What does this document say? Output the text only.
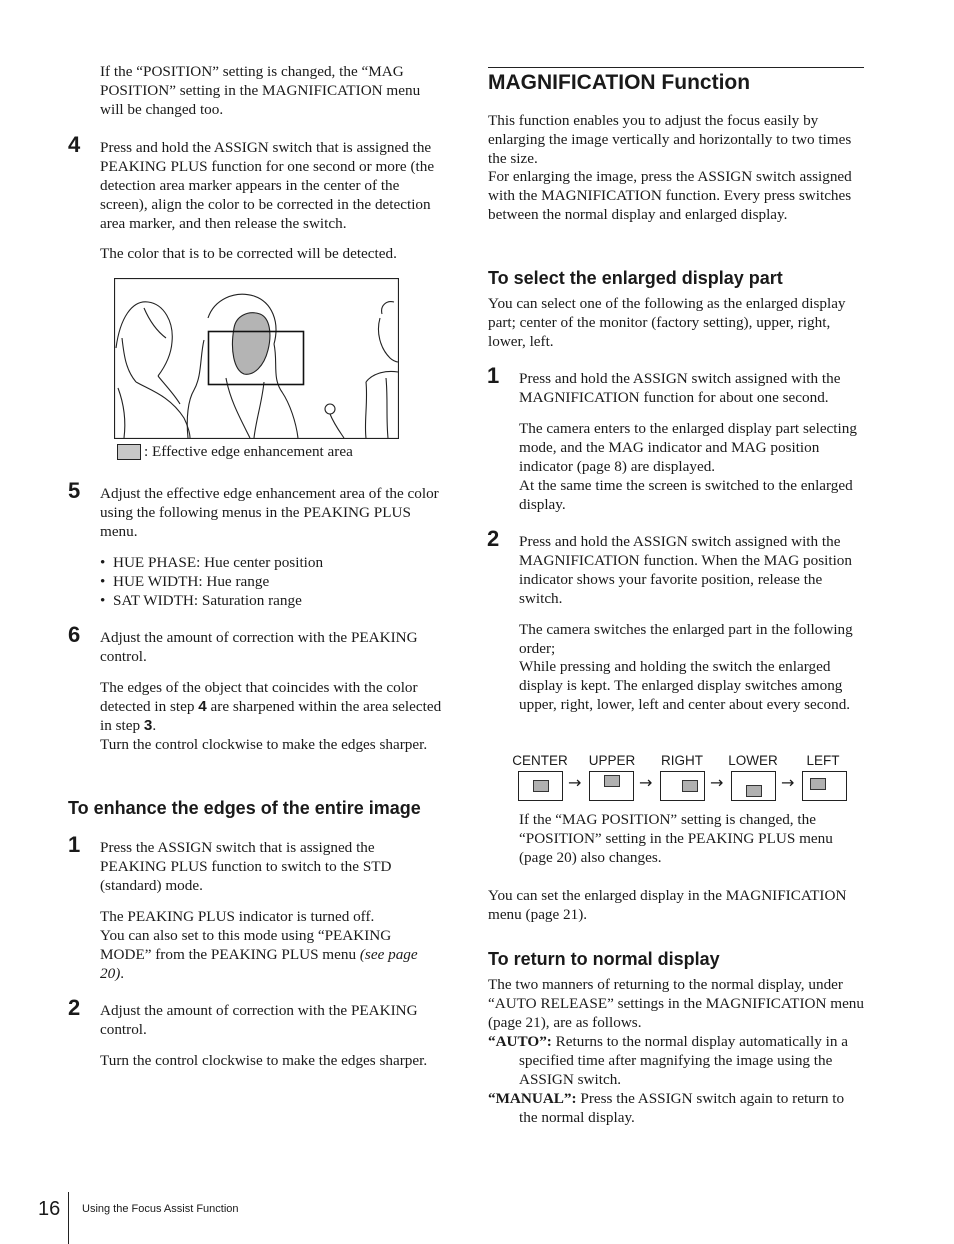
If the “POSITION” setting is changed, the “MAG POSITION” setting in the MAGNIFICATION menu will be changed too.

4 Press and hold the ASSIGN switch that is assigned the PEAKING PLUS function for one second or more (the detection area marker appears in the center of the screen), align the color to be corrected in the detection area marker, and then release the switch.

The color that is to be corrected will be detected.

: Effective edge enhancement area

5 Adjust the effective edge enhancement area of the color using the following menus in the PEAKING PLUS menu.

• HUE PHASE: Hue center position
• HUE WIDTH: Hue range
• SAT WIDTH: Saturation range
6 Adjust the amount of correction with the PEAKING control.

The edges of the object that coincides with the color detected in step 4 are sharpened within the area selected in step 3.

Turn the control clockwise to make the edges sharper.

To enhance the edges of the entire image
1 Press the ASSIGN switch that is assigned the PEAKING PLUS function to switch to the STD (standard) mode.

The PEAKING PLUS indicator is turned off.

You can also set to this mode using “PEAKING MODE” from the PEAKING PLUS menu (see page 20).

2 Adjust the amount of correction with the PEAKING control.

Turn the control clockwise to make the edges sharper.

MAGNIFICATION Function

This function enables you to adjust the focus easily by enlarging the image vertically and horizontally to two times the size.

For enlarging the image, press the ASSIGN switch assigned with the MAGNIFICATION function. Every press switches between the normal display and enlarged display.

To select the enlarged display part

You can select one of the following as the enlarged display part; center of the monitor (factory setting), upper, right, lower, left.

1 Press and hold the ASSIGN switch assigned with the MAGNIFICATION function for about one second.

The camera enters to the enlarged display part selecting mode, and the MAG indicator and MAG position indicator (page 8) are displayed.

At the same time the screen is switched to the enlarged display.

2 Press and hold the ASSIGN switch assigned with the MAGNIFICATION function. When the MAG position indicator shows your favorite position, release the switch.

The camera switches the enlarged part in the following order;

While pressing and holding the switch the enlarged display is kept. The enlarged display switches among upper, right, lower, left and center about every second.

CENTER	UPPER	RIGHT	LOWER	LEFT
→	→	→	→

If the “MAG POSITION” setting is changed, the “POSITION” setting in the PEAKING PLUS menu (page 20) also changes.

You can set the enlarged display in the MAGNIFICATION menu (page 21).

To return to normal display

The two manners of returning to the normal display, under “AUTO RELEASE” settings in the MAGNIFICATION menu (page 21), are as follows.

“AUTO”: Returns to the normal display automatically in a specified time after magnifying the image using the ASSIGN switch.

“MANUAL”: Press the ASSIGN switch again to return to the normal display.

16 Using the Focus Assist Function
